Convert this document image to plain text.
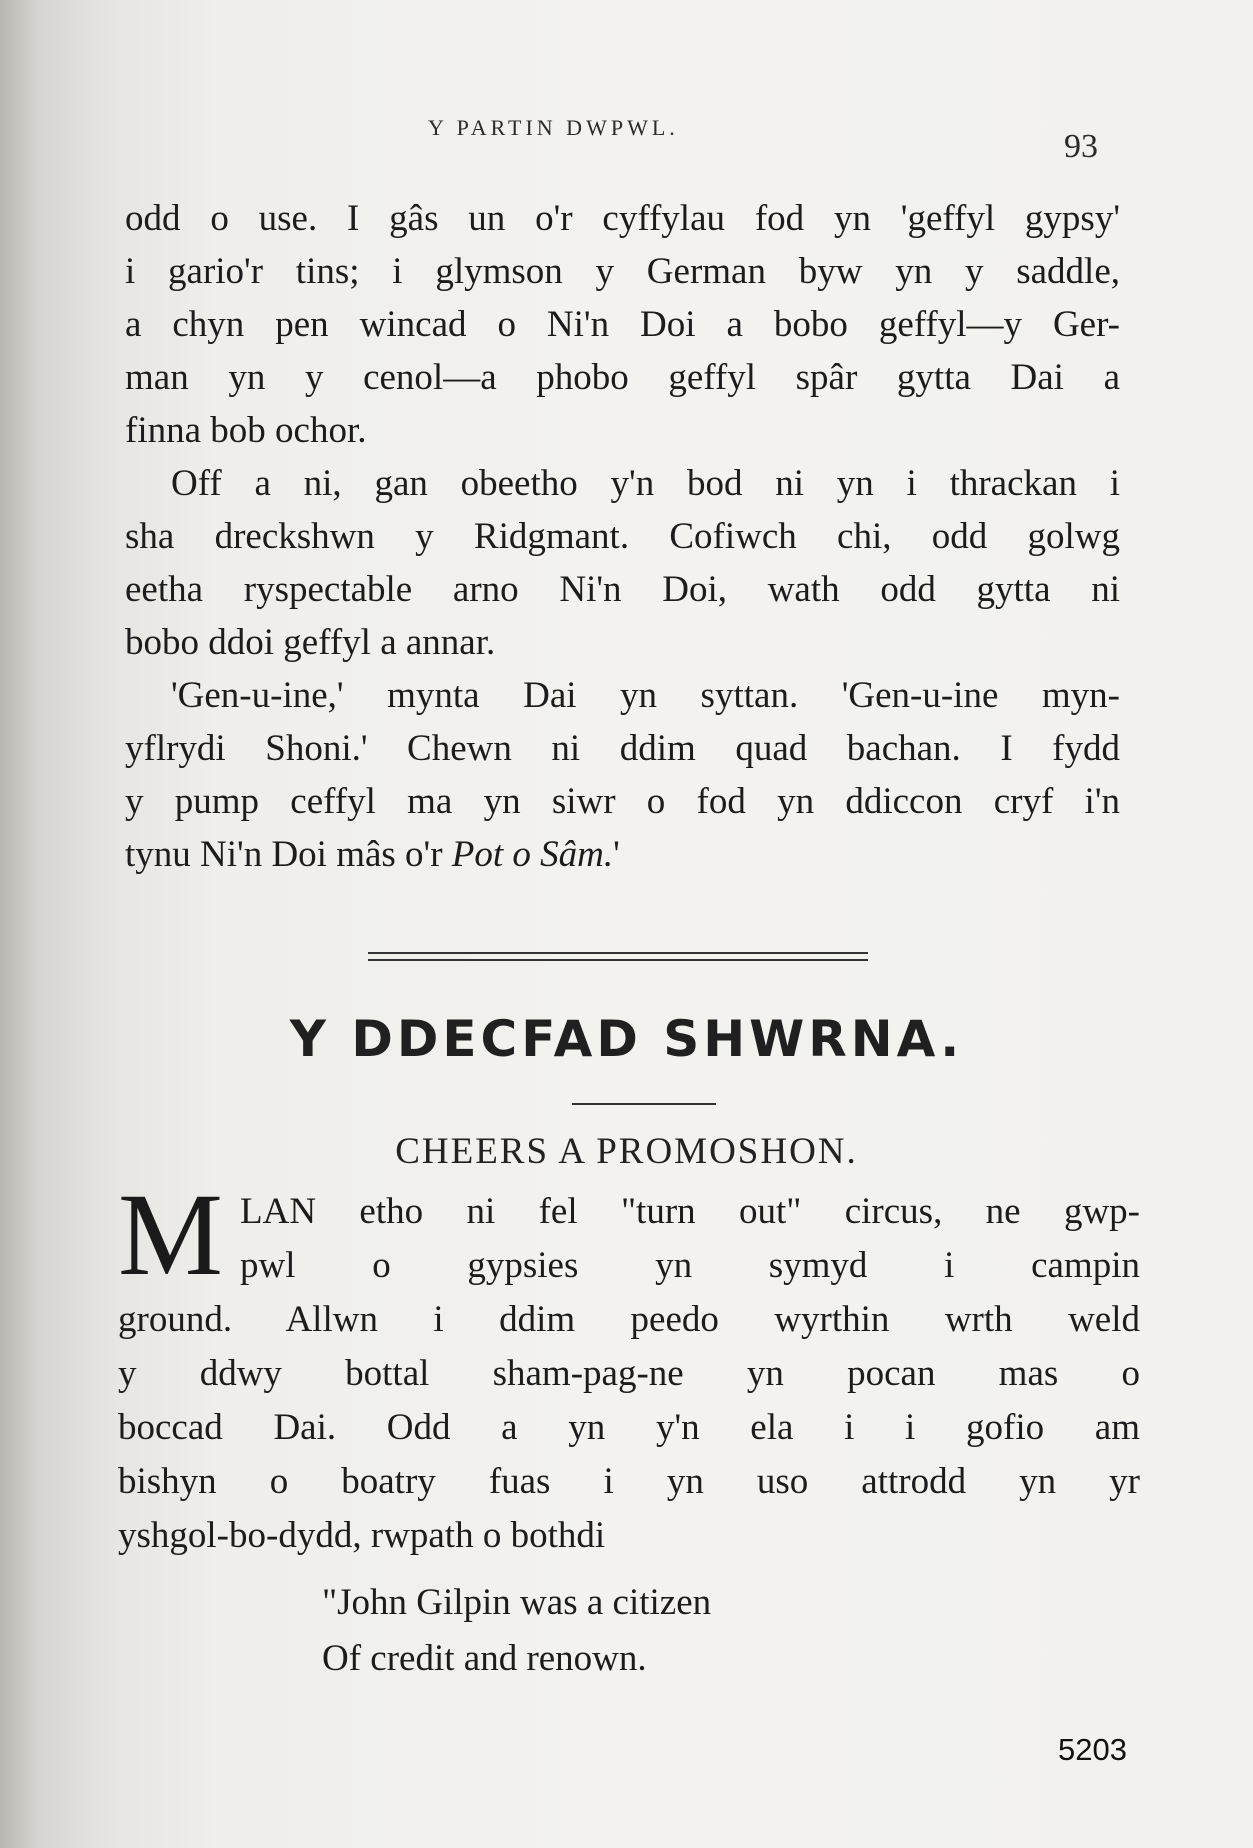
Y PARTIN DWPWL.
93
odd o use. I gâs un o'r cyffylau fod yn 'geffyl gypsy'
i gario'r tins; i glymson y German byw yn y saddle,
a chyn pen wincad o Ni'n Doi a bobo geffyl—y Ger-
man yn y cenol—a phobo geffyl spâr gytta Dai a
finna bob ochor.
Off a ni, gan obeetho y'n bod ni yn i thrackan i
sha dreckshwn y Ridgmant. Cofiwch chi, odd golwg
eetha ryspectable arno Ni'n Doi, wath odd gytta ni
bobo ddoi geffyl a annar.
'Gen-u-ine,' mynta Dai yn syttan. 'Gen-u-ine myn-
yflrydi Shoni.' Chewn ni ddim quad bachan. I fydd
y pump ceffyl ma yn siwr o fod yn ddiccon cryf i'n
tynu Ni'n Doi mâs o'r Pot o Sâm.'
Y DDECFAD SHWRNA.
CHEERS A PROMOSHON.
M LAN etho ni fel "turn out" circus, ne gwp-
pwl o gypsies yn symyd i campin
ground. Allwn i ddim peedo wyrthin wrth weld
y ddwy bottal sham-pag-ne yn pocan mas o
boccad Dai. Odd a yn y'n ela i i gofio am
bishyn o boatry fuas i yn uso attrodd yn yr
yshgol-bo-dydd, rwpath o bothdi
"John Gilpin was a citizen
Of credit and renown.
5203
